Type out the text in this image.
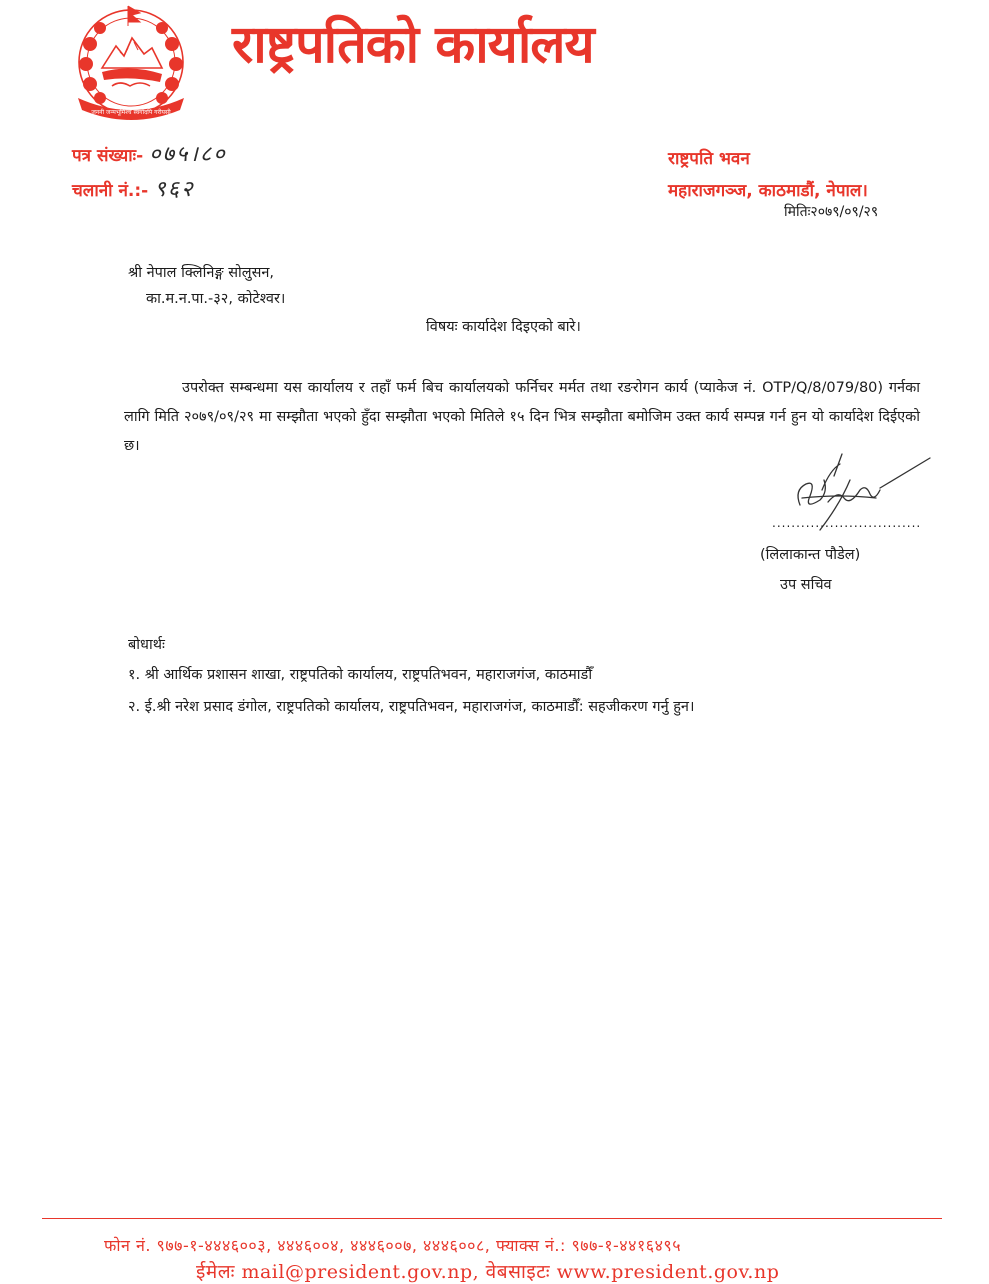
जननी जन्मभूमिश्च स्वर्गादपि गरीयसी
राष्ट्रपतिको कार्यालय
पत्र संख्याः- ०७५।८०
चलानी नं.:- ९६२
राष्ट्रपति भवन
महाराजगञ्ज, काठमाडौं, नेपाल।
मितिः२०७९/०९/२९
श्री नेपाल क्लिनिङ्ग सोलुसन,
का.म.न.पा.-३२, कोटेश्वर।
विषयः कार्यादेश दिइएको बारे।
उपरोक्त सम्बन्धमा यस कार्यालय र तहाँ फर्म बिच कार्यालयको फर्निचर मर्मत तथा रङरोगन कार्य (प्याकेज नं. OTP/Q/8/079/80) गर्नका लागि मिति २०७९/०९/२९ मा सम्झौता भएको हुँदा सम्झौता भएको मितिले १५ दिन भित्र सम्झौता बमोजिम उक्त कार्य सम्पन्न गर्न हुन यो कार्यादेश दिईएको छ।
...............................
(लिलाकान्त पौडेल)
उप सचिव
बोधार्थः
१. श्री आर्थिक प्रशासन शाखा, राष्ट्रपतिको कार्यालय, राष्ट्रपतिभवन, महाराजगंज, काठमाडौँ
२. ई.श्री नरेश प्रसाद डंगोल, राष्ट्रपतिको कार्यालय, राष्ट्रपतिभवन, महाराजगंज, काठमाडौँ: सहजीकरण गर्नु हुन।
फोन नं. ९७७-१-४४४६००३, ४४४६००४, ४४४६००७, ४४४६००८, फ्याक्स नं.: ९७७-१-४४१६४९५
ईमेलः mail@president.gov.np, वेबसाइटः www.president.gov.np
